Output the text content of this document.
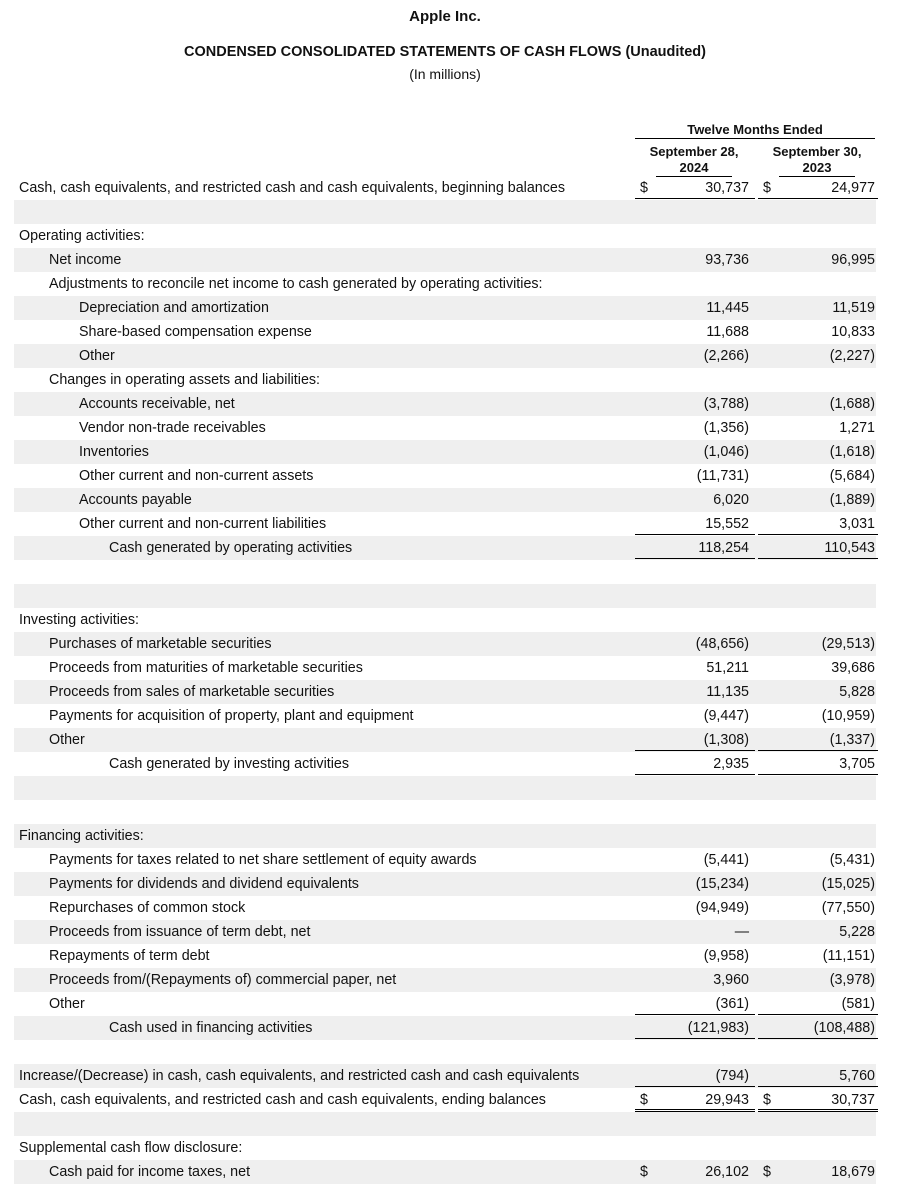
Apple Inc.
CONDENSED CONSOLIDATED STATEMENTS OF CASH FLOWS (Unaudited)
(In millions)
Twelve Months Ended
September 28,
2024
September 30,
2023
Cash, cash equivalents, and restricted cash and cash equivalents, beginning balances	$	30,737 $	24,977
Operating activities:
Net income	93,736	96,995
Adjustments to reconcile net income to cash generated by operating activities:
Depreciation and amortization	11,445	11,519
Share-based compensation expense	11,688	10,833
Other	(2,266)	(2,227)
Changes in operating assets and liabilities:
Accounts receivable, net	(3,788)	(1,688)
Vendor non-trade receivables	(1,356)	1,271
Inventories	(1,046)	(1,618)
Other current and non-current assets	(11,731)	(5,684)
Accounts payable	6,020	(1,889)
Other current and non-current liabilities	15,552	3,031
Cash generated by operating activities	118,254	110,543
Investing activities:
Purchases of marketable securities	(48,656)	(29,513)
Proceeds from maturities of marketable securities	51,211	39,686
Proceeds from sales of marketable securities	11,135	5,828
Payments for acquisition of property, plant and equipment	(9,447)	(10,959)
Other	(1,308)	(1,337)
Cash generated by investing activities	2,935	3,705
Financing activities:
Payments for taxes related to net share settlement of equity awards	(5,441)	(5,431)
Payments for dividends and dividend equivalents	(15,234)	(15,025)
Repurchases of common stock	(94,949)	(77,550)
Proceeds from issuance of term debt, net	—	5,228
Repayments of term debt	(9,958)	(11,151)
Proceeds from/(Repayments of) commercial paper, net	3,960	(3,978)
Other	(361)	(581)
Cash used in financing activities	(121,983)	(108,488)
Increase/(Decrease) in cash, cash equivalents, and restricted cash and cash equivalents	(794)	5,760
Cash, cash equivalents, and restricted cash and cash equivalents, ending balances	$	29,943 $	30,737
Supplemental cash flow disclosure:
Cash paid for income taxes, net	$	26,102 $	18,679
